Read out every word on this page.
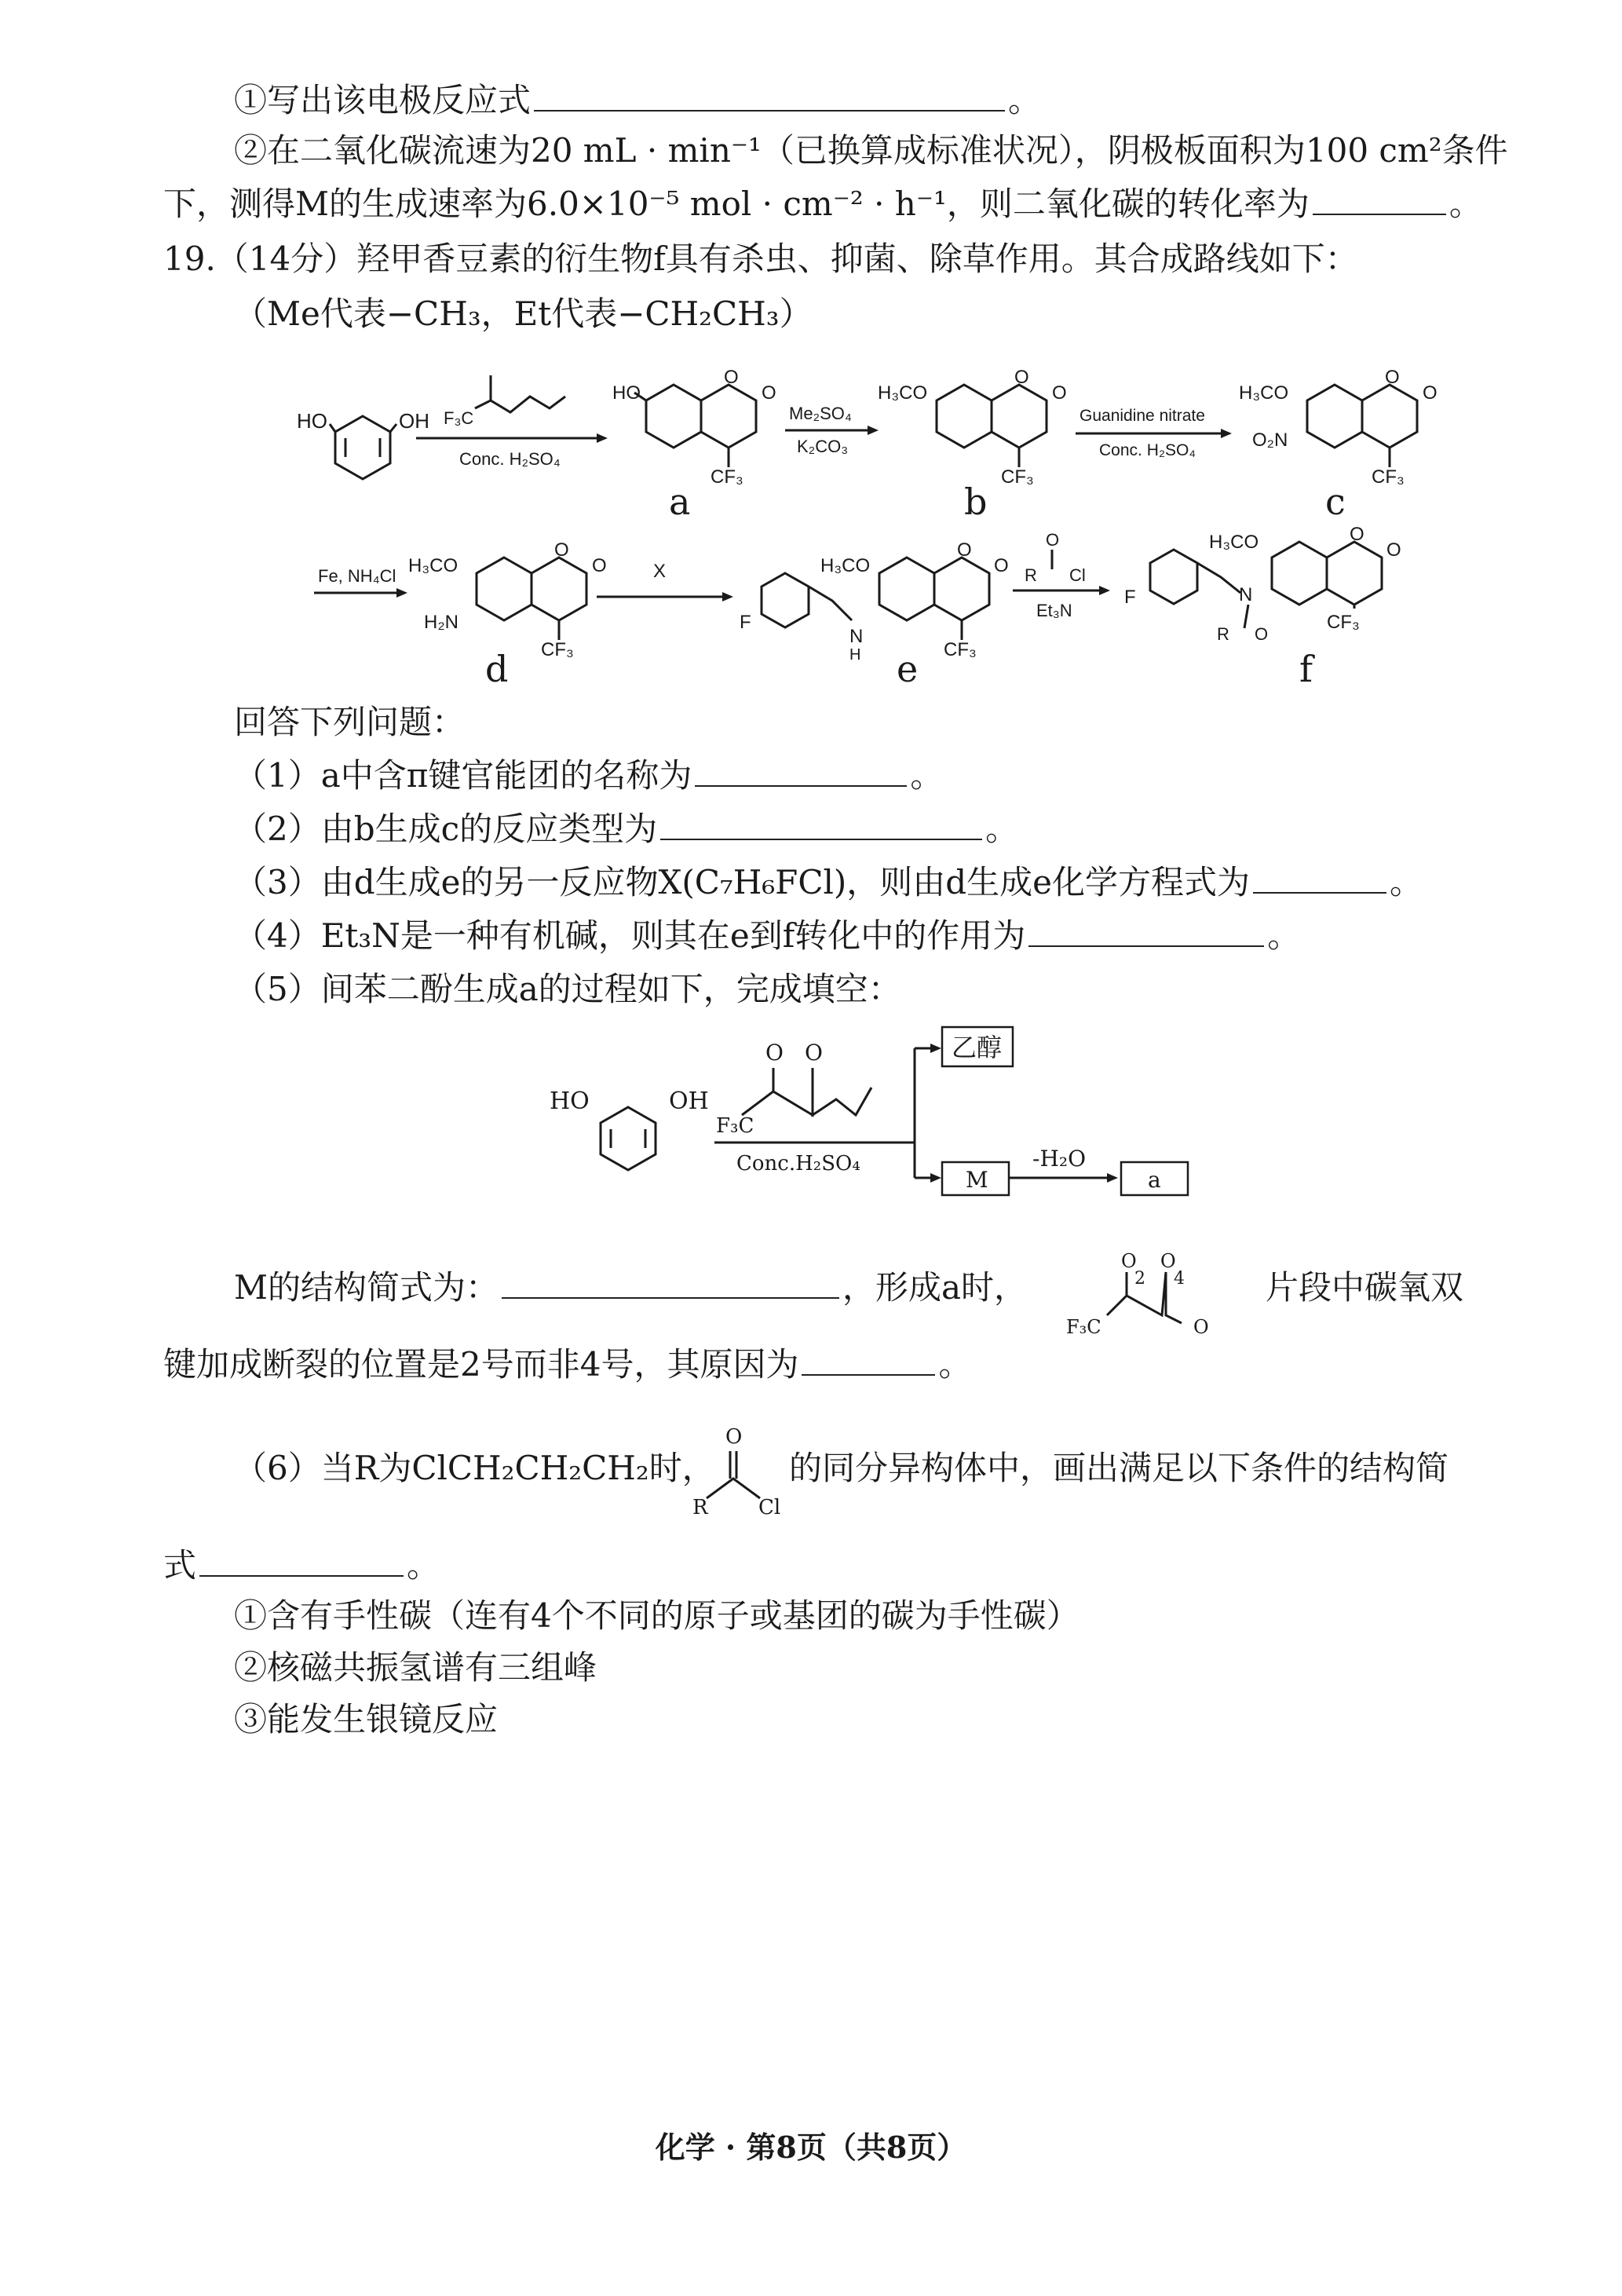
①写出该电极反应式	。
②在二氧化碳流速为20 mL · min⁻¹（已换算成标准状况），阴极板面积为100 cm²条件
下，测得M的生成速率为6.0×10⁻⁵ mol · cm⁻² · h⁻¹，则二氧化碳的转化率为	。
19.（14分）羟甲香豆素的衍生物f具有杀虫、抑菌、除草作用。其合成路线如下：
（Me代表−CH₃，Et代表−CH₂CH₃）
HO	OH F₃C
Conc. H₂SO₄
HO
O
O
CF₃
a
Me₂SO₄
K₂CO₃
H₃CO
O
O
CF₃
b
Guanidine nitrate
Conc. H₂SO₄
H₃CO
O₂N
O
O
CF₃
c
Fe, NH₄Cl H₃CO
H₂N
O
O
CF₃
d
X
F
N
H
H₃CO
O
O
CF₃
e
O
R Cl
Et₃N
F	N
R O
H₃CO	O
O
CF₃
f
回答下列问题：
（1）a中含π键官能团的名称为	。
（2）由b生成c的反应类型为	。
（3）由d生成e的另一反应物X(C₇H₆FCl)，则由d生成e化学方程式为	。
（4）Et₃N是一种有机碱，则其在e到f转化中的作用为	。
（5）间苯二酚生成a的过程如下，完成填空：
HO	OH
O O
F₃C
Conc.H₂SO₄
乙醇
M
-H₂O
a
M的结构简式为：	，形成a时，
O O
2 4
F₃C	O
片段中碳氧双
键加成断裂的位置是2号而非4号，其原因为	。
（6）当R为ClCH₂CH₂CH₂时，
O
R Cl
的同分异构体中，画出满足以下条件的结构简
式	。
①含有手性碳（连有4个不同的原子或基团的碳为手性碳）
②核磁共振氢谱有三组峰
③能发生银镜反应
化学 · 第8页（共8页）
